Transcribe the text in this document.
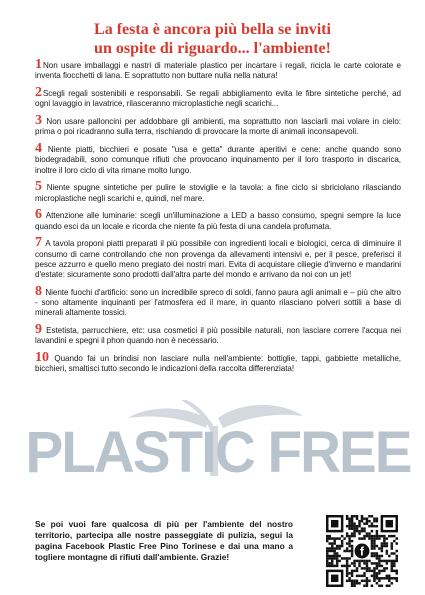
La festa è ancora più bella se inviti
un ospite di riguardo... l'ambiente!
PLASTIC FREE
1Non usare imballaggi e nastri di materiale plastico per incartare i regali, ricicla le carte colorate e inventa fiocchetti di lana. E soprattutto non buttare nulla nella natura!
2Scegli regali sostenibili e responsabili. Se regali abbigliamento evita le fibre sintetiche perché, ad ogni lavaggio in lavatrice, rilasceranno microplastiche negli scarichi...
3 Non usare palloncini per addobbare gli ambienti, ma soprattutto non lasciarli mai volare in cielo: prima o poi ricadranno sulla terra, rischiando di provocare la morte di animali inconsapevoli.
4 Niente piatti, bicchieri e posate "usa e getta" durante aperitivi e cene: anche quando sono biodegradabili, sono comunque rifiuti che provocano inquinamento per il loro trasporto in discarica, inoltre il loro ciclo di vita rimane molto lungo.
5 Niente spugne sintetiche per pulire le stoviglie e la tavola: a fine ciclo si sbriciolano rilasciando microplastiche negli scarichi e, quindi, nel mare.
6 Attenzione alle luminarie: scegli un'illuminazione a LED a basso consumo, spegni sempre la luce quando esci da un locale e ricorda che niente fa più festa di una candela profumata.
7 A tavola proponi piatti preparati il più possibile con ingredienti locali e biologici, cerca di diminuire il consumo di carne controllando che non provenga da allevamenti intensivi e, per il pesce, preferisci il pesce azzurro e quello meno pregiato dei nostri mari. Evita di acquistare ciliegie d'inverno e mandarini d'estate: sicuramente sono prodotti dall'altra parte del mondo e arrivano da noi con un jet!
8 Niente fuochi d'artificio: sono un incredibile spreco di soldi, fanno paura agli animali e – più che altro - sono altamente inquinanti per l'atmosfera ed il mare, in quanto rilasciano polveri sottili a base di minerali altamente tossici.
9 Estetista, parrucchiere, etc: usa cosmetici il più possibile naturali, non lasciare correre l'acqua nei lavandini e spegni il phon quando non è necessario.
10 Quando fai un brindisi non lasciare nulla nell'ambiente: bottiglie, tappi, gabbiette metalliche, bicchieri, smaltisci tutto secondo le indicazioni della raccolta differenziata!
Se poi vuoi fare qualcosa di più per l'ambiente del nostro territorio, partecipa alle nostre passeggiate di pulizia, segui la pagina Facebook Plastic Free Pino Torinese e dai una mano a togliere montagne di rifiuti dall'ambiente. Grazie!	f
